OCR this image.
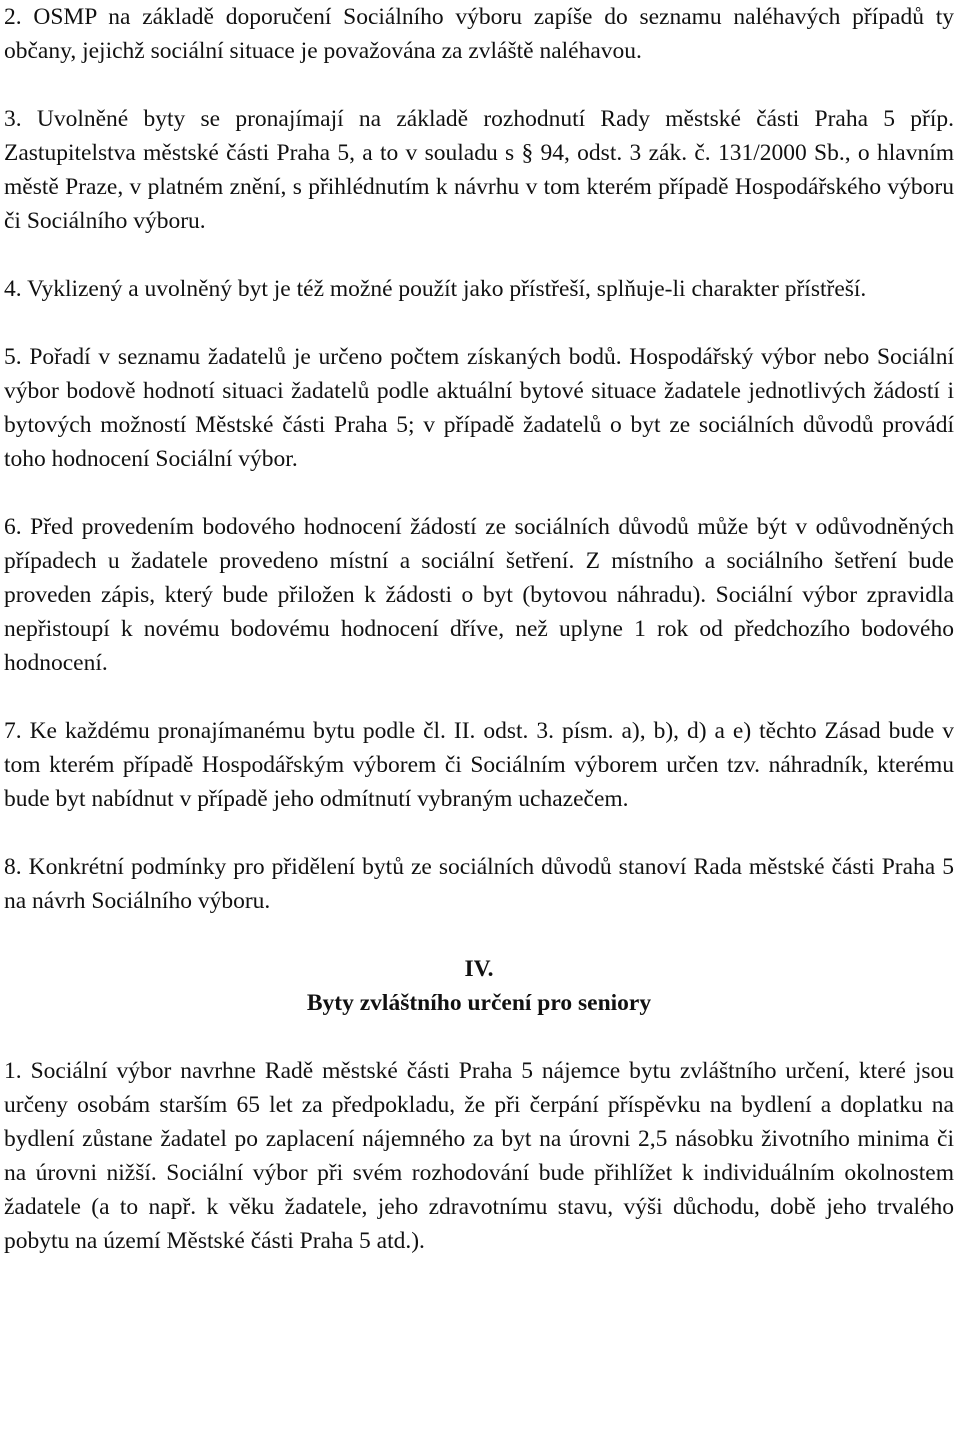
2. OSMP na základě doporučení Sociálního výboru zapíše do seznamu naléhavých případů ty občany, jejichž sociální situace je považována za zvláště naléhavou.

3. Uvolněné byty se pronajímají na základě rozhodnutí Rady městské části Praha 5 příp. Zastupitelstva městské části Praha 5, a to v souladu s § 94, odst. 3 zák. č. 131/2000 Sb., o hlavním městě Praze, v platném znění, s přihlédnutím k návrhu v tom kterém případě Hospodářského výboru či Sociálního výboru.

4. Vyklizený a uvolněný byt je též možné použít jako přístřeší, splňuje-li charakter přístřeší.

5. Pořadí v seznamu žadatelů je určeno počtem získaných bodů. Hospodářský výbor nebo Sociální výbor bodově hodnotí situaci žadatelů podle aktuální bytové situace žadatele jednotlivých žádostí i bytových možností Městské části Praha 5; v případě žadatelů o byt ze sociálních důvodů provádí toho hodnocení Sociální výbor.

6. Před provedením bodového hodnocení žádostí ze sociálních důvodů může být v odůvodněných případech u žadatele provedeno místní a sociální šetření. Z místního a sociálního šetření bude proveden zápis, který bude přiložen k žádosti o byt (bytovou náhradu). Sociální výbor zpravidla nepřistoupí k novému bodovému hodnocení dříve, než uplyne 1 rok od předchozího bodového hodnocení.

7. Ke každému pronajímanému bytu podle čl. II. odst. 3. písm. a), b), d) a e) těchto Zásad bude v tom kterém případě Hospodářským výborem či Sociálním výborem určen tzv. náhradník, kterému bude byt nabídnut v případě jeho odmítnutí vybraným uchazečem.

8. Konkrétní podmínky pro přidělení bytů ze sociálních důvodů stanoví Rada městské části Praha 5 na návrh Sociálního výboru.

IV.

Byty zvláštního určení pro seniory

1. Sociální výbor navrhne Radě městské části Praha 5 nájemce bytu zvláštního určení, které jsou určeny osobám starším 65 let za předpokladu, že při čerpání příspěvku na bydlení a doplatku na bydlení zůstane žadatel po zaplacení nájemného za byt na úrovni 2,5 násobku životního minima či na úrovni nižší. Sociální výbor při svém rozhodování bude přihlížet k individuálním okolnostem žadatele (a to např. k věku žadatele, jeho zdravotnímu stavu, výši důchodu, době jeho trvalého pobytu na území Městské části Praha 5 atd.).
